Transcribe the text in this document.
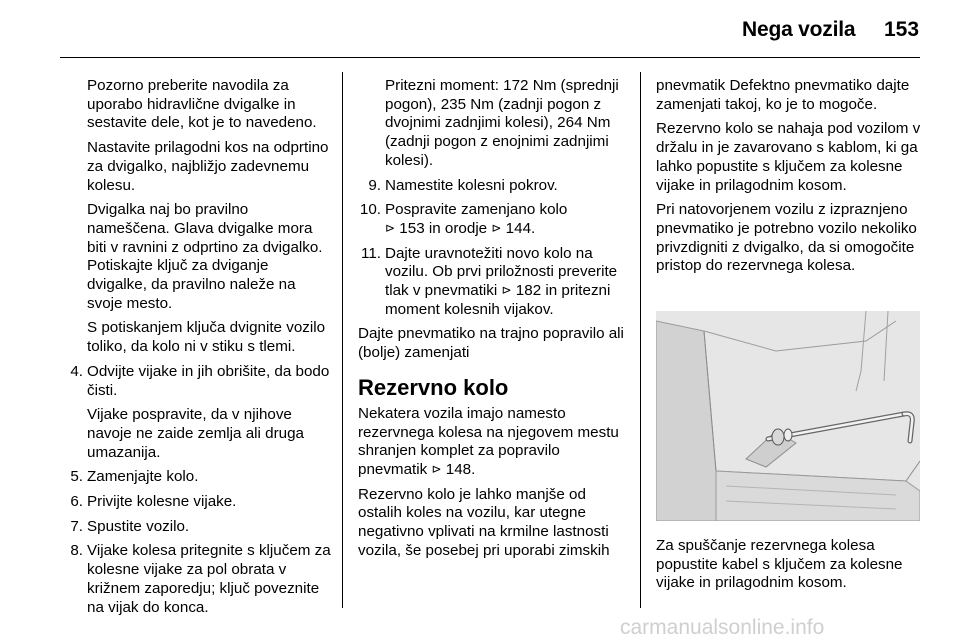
Nega vozila 153

Pozorno preberite navodila za uporabo hidravlične dvigalke in sestavite dele, kot je to navedeno.

Nastavite prilagodni kos na odprtino za dvigalko, najbližjo zadevnemu kolesu.

Dvigalka naj bo pravilno nameščena. Glava dvigalke mora biti v ravnini z odprtino za dvigalko. Potiskajte ključ za dviganje dvigalke, da pravilno naleže na svoje mesto.

S potiskanjem ključa dvignite vozilo toliko, da kolo ni v stiku s tlemi.

4. Odvijte vijake in jih obrišite, da bodo čisti.

Vijake pospravite, da v njihove navoje ne zaide zemlja ali druga umazanija.

5. Zamenjajte kolo.
6. Privijte kolesne vijake.
7. Spustite vozilo.
8. Vijake kolesa pritegnite s ključem za kolesne vijake za pol obrata v križnem zaporedju; ključ poveznite na vijak do konca.

Pritezni moment: 172 Nm (sprednji pogon), 235 Nm (zadnji pogon z dvojnimi zadnjimi kolesi), 264 Nm (zadnji pogon z enojnimi zadnjimi kolesi).

9. Namestite kolesni pokrov.
10. Pospravite zamenjano kolo
⊳ 153 in orodje ⊳ 144.
11. Dajte uravnotežiti novo kolo na vozilu. Ob prvi priložnosti preverite tlak v pnevmatiki ⊳ 182 in pritezni moment kolesnih vijakov.

Dajte pnevmatiko na trajno popravilo ali (bolje) zamenjati

Rezervno kolo

Nekatera vozila imajo namesto rezervnega kolesa na njegovem mestu shranjen komplet za popravilo pnevmatik ⊳ 148.

Rezervno kolo je lahko manjše od ostalih koles na vozilu, kar utegne negativno vplivati na krmilne lastnosti vozila, še posebej pri uporabi zimskih

pnevmatik Defektno pnevmatiko dajte zamenjati takoj, ko je to mogoče.

Rezervno kolo se nahaja pod vozilom v držalu in je zavarovano s kablom, ki ga lahko popustite s ključem za kolesne vijake in prilagodnim kosom.

Pri natovorjenem vozilu z izpraznjeno pnevmatiko je potrebno vozilo nekoliko privzdigniti z dvigalko, da si omogočite pristop do rezervnega kolesa.

Za spuščanje rezervnega kolesa popustite kabel s ključem za kolesne vijake in prilagodnim kosom.
carmanualsonline.info
